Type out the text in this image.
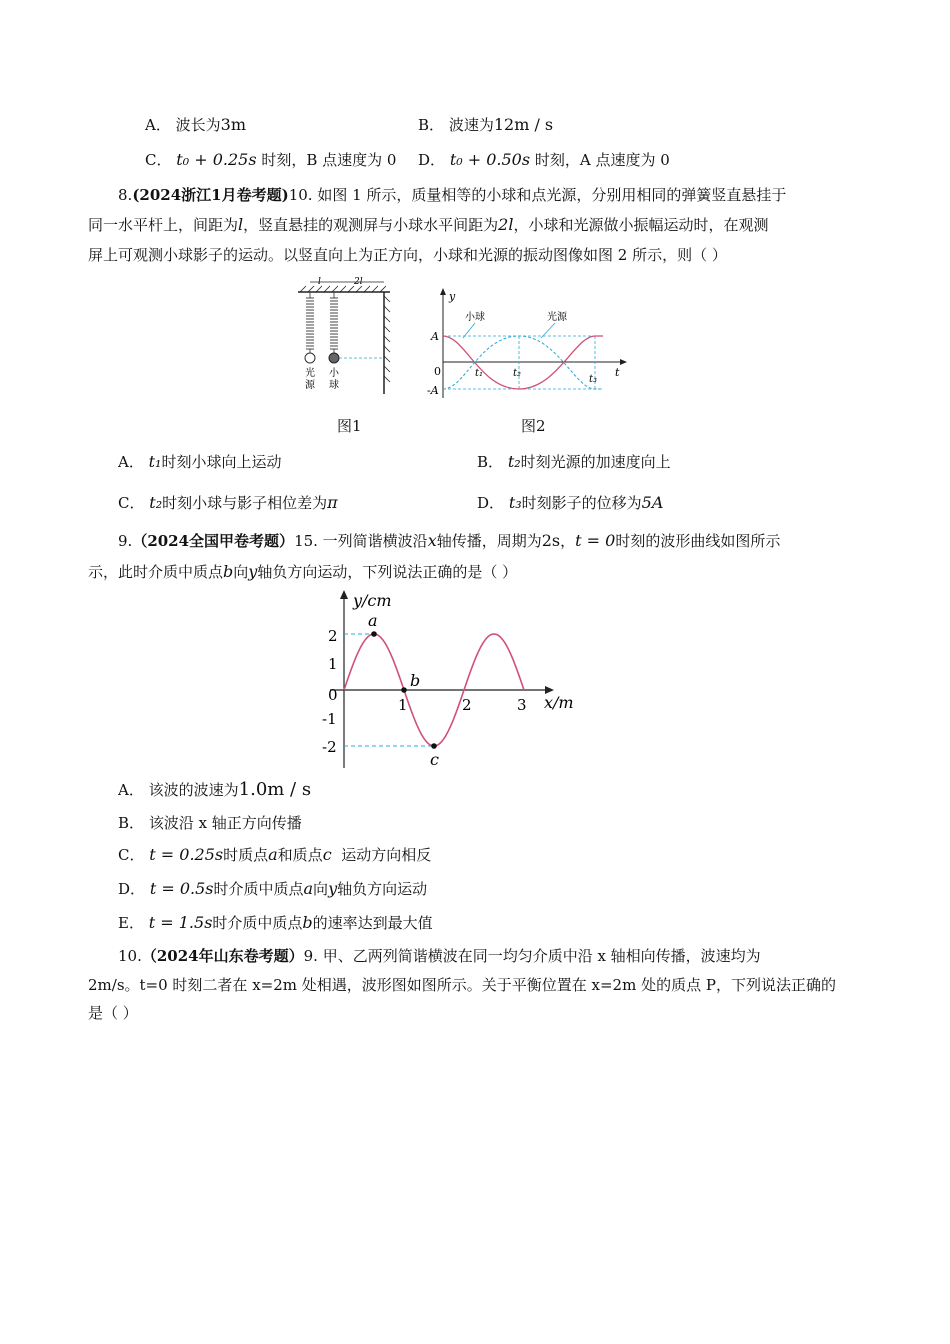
A． 波长为3m	B． 波速为12m / s
C． t₀ + 0.25s 时刻，B 点速度为 0 D． t₀ + 0.50s 时刻，A 点速度为 0
8.(2024浙江1月卷考题)10. 如图 1 所示，质量相等的小球和点光源，分别用相同的弹簧竖直悬挂于
同一水平杆上，间距为l，竖直悬挂的观测屏与小球水平间距为2l，小球和光源做小振幅运动时，在观测
屏上可观测小球影子的运动。以竖直向上为正方向，小球和光源的振动图像如图 2 所示，则（ ）
l	2l
光
源
小
球
y
t
A
-A
0	t₁	t₂
t₃
小球	光源
图1	图2
A． t₁时刻小球向上运动	B． t₂时刻光源的加速度向上
C． t₂时刻小球与影子相位差为π	D． t₃时刻影子的位移为5A
9.（2024全国甲卷考题）15. 一列简谐横波沿x轴传播，周期为2s，t = 0时刻的波形曲线如图所示
示，此时介质中质点b向y轴负方向运动，下列说法正确的是（ ）
y/cm
x/m
2
1
0
-1
-2
1	2	3
a
b
c
A． 该波的波速为1.0m / s
B． 该波沿 x 轴正方向传播
C． t = 0.25s时质点a和质点c 运动方向相反
D． t = 0.5s时介质中质点a向y轴负方向运动
E． t = 1.5s时介质中质点b的速率达到最大值
10.（2024年山东卷考题）9. 甲、乙两列简谐横波在同一均匀介质中沿 x 轴相向传播，波速均为
2m/s。t=0 时刻二者在 x=2m 处相遇，波形图如图所示。关于平衡位置在 x=2m 处的质点 P，下列说法正确的
是（ ）
